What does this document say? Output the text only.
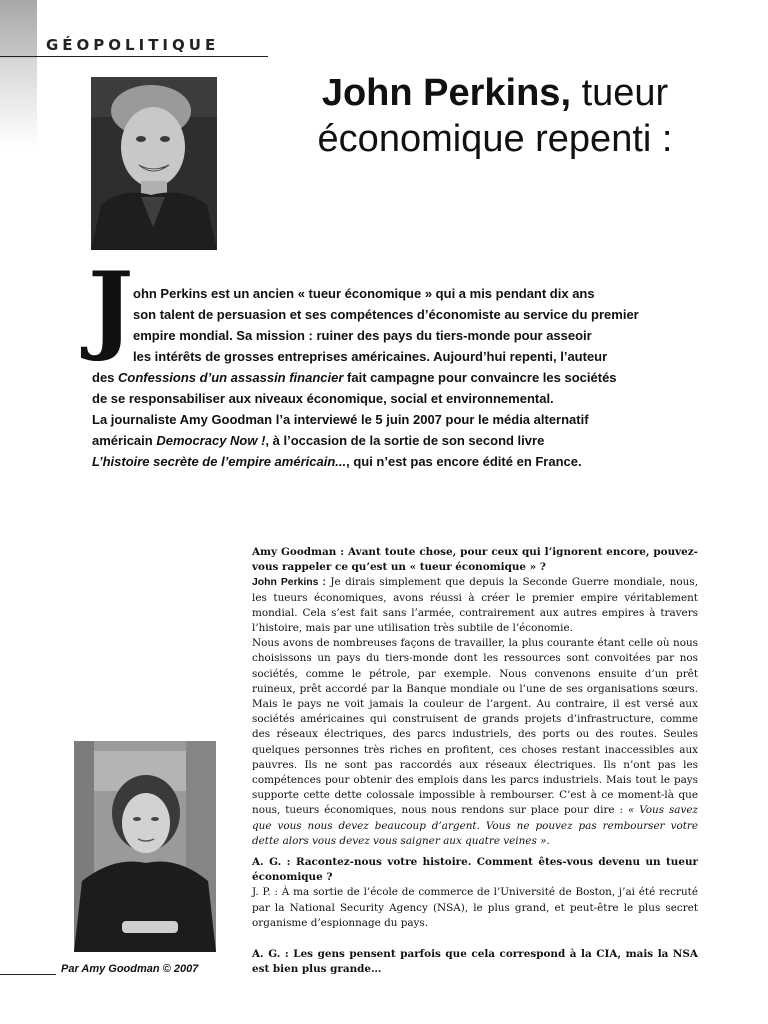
GÉOPOLITIQUE
John Perkins, tueur
économique repenti :
J ohn Perkins est un ancien « tueur économique » qui a mis pendant dix ans
son talent de persuasion et ses compétences d’économiste au service du premier
empire mondial. Sa mission : ruiner des pays du tiers-monde pour asseoir
les intérêts de grosses entreprises américaines. Aujourd’hui repenti, l’auteur
des Confessions d’un assassin financier fait campagne pour convaincre les sociétés
de se responsabiliser aux niveaux économique, social et environnemental.
La journaliste Amy Goodman l’a interviewé le 5 juin 2007 pour le média alternatif
américain Democracy Now !, à l’occasion de la sortie de son second livre
L’histoire secrète de l’empire américain..., qui n’est pas encore édité en France.
Amy Goodman : Avant toute chose, pour ceux qui l’ignorent encore, pouvez-vous rappeler ce qu’est un « tueur économique » ?
John Perkins : Je dirais simplement que depuis la Seconde Guerre mondiale, nous, les tueurs économiques, avons réussi à créer le premier empire véritablement mondial. Cela s’est fait sans l’armée, contrairement aux autres empires à travers l’histoire, mais par une utilisation très subtile de l’économie.
Nous avons de nombreuses façons de travailler, la plus courante étant celle où nous choisissons un pays du tiers-monde dont les ressources sont convoitées par nos sociétés, comme le pétrole, par exemple. Nous convenons ensuite d’un prêt ruineux, prêt accordé par la Banque mondiale ou l’une de ses organisations sœurs. Mais le pays ne voit jamais la couleur de l’argent. Au contraire, il est versé aux sociétés américaines qui construisent de grands projets d’infrastructure, comme des réseaux électriques, des parcs industriels, des ports ou des routes. Seules quelques personnes très riches en profitent, ces choses restant inaccessibles aux pauvres. Ils ne sont pas raccordés aux réseaux électriques. Ils n’ont pas les compétences pour obtenir des emplois dans les parcs industriels. Mais tout le pays supporte cette dette colossale impossible à rembourser. C’est à ce moment-là que nous, tueurs économiques, nous nous rendons sur place pour dire : « Vous savez que vous nous devez beaucoup d’argent. Vous ne pouvez pas rembourser votre dette alors vous devez vous saigner aux quatre veines ».
A. G. : Racontez-nous votre histoire. Comment êtes-vous devenu un tueur économique ?
J. P. : À ma sortie de l’école de commerce de l’Université de Boston, j’ai été recruté par la National Security Agency (NSA), le plus grand, et peut-être le plus secret organisme d’espionnage du pays.
A. G. : Les gens pensent parfois que cela correspond à la CIA, mais la NSA est bien plus grande…
Par Amy Goodman © 2007
